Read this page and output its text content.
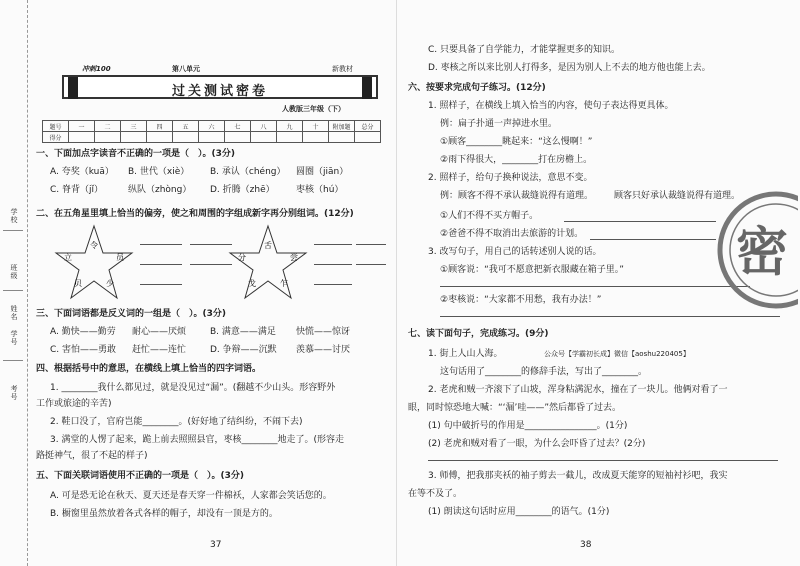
学校
班级
姓名
学号
考号
冲刺100	第八单元	新教材
过关测试密卷
人教版三年级（下）
题号	一	二	三	四	五	六	七	八	九	十	附加题	总分
得分												
一、下面加点字读音不正确的一项是（　）。(3分)
A. 夸奖（kuā） B. 世代（xiè） B. 承认（chéng） 圆圈（jiān）
C. 脊背（jǐ）	纵队（zhòng） D. 折腾（zhē） 枣核（hú）
二、在五角星里填上恰当的偏旁，使之和周围的字组成新字再分别组词。(12分)
令
立	员
贝	少
舌
分	尝
戈	乍
三、下面词语都是反义词的一组是（　）。(3分)
A. 勤快——勤劳 耐心——厌烦	B. 满意——满足 快慌——惊讶
C. 害怕——勇敢 赶忙——连忙	D. 争辩——沉默 羡慕——讨厌
四、根据括号中的意思，在横线上填上恰当的四字词语。
1. ________我什么都见过，就是没见过“漏”。(翻越不少山头。形容野外
工作或旅途的辛苦)
2. 鞋口没了，官府岂能________。(好好地了结纠纷，不闹下去)
3. 满堂的人愣了起来，跪上前去照照县官，枣核________地走了。(形容走
路挺神气，很了不起的样子)
五、下面关联词语使用不正确的一项是（　）。(3分)
A. 可是恐无论在秋天、夏天还是春天穿一件棉袄，人家都会笑话您的。
B. 橱窗里虽然放着各式各样的帽子，却没有一顶是方的。
37
C. 只要具备了自学能力，才能掌握更多的知识。
D. 枣核之所以来比别人打得多，是因为别人上不去的地方他也能上去。
六、按要求完成句子练习。(12分)
1. 照样子，在横线上填入恰当的内容，使句子表达得更具体。
例：扁子扑通一声掉进水里。
①顾客________眺起来：“这么慢啊！”
②雨下得很大，________打在房檐上。
2. 照样子，给句子换种说法，意思不变。
例：顾客不得不承认裁缝说得有道理。 顾客只好承认裁缝说得有道理。
①人们不得不买方帽子。
②爸爸不得不取消出去旅游的计划。
3. 改写句子，用自己的话转述别人说的话。
①顾客说：“我可不愿意把新衣服藏在箱子里。”
②枣核说：“大家都不用愁，我有办法！”
七、读下面句子，完成练习。(9分)
1. 街上人山人海。	公众号【学霸初长成】微信【aoshu220405】
这句话用了________的修辞手法，写出了________。
2. 老虎和贼一齐滚下了山坡，浑身粘满泥水，撞在了一块儿。他俩对看了一
眼，同时惊恐地大喊：“‘漏’哇——”然后都昏了过去。
(1) 句中破折号的作用是________________。(1分)
(2) 老虎和贼对看了一眼，为什么会吓昏了过去？(2分)
3. 师傅，把我那夹袄的袖子剪去一截儿，改成夏天能穿的短袖衬衫吧，我实
在等不及了。
(1) 朗读这句话时应用________的语气。(1分)
38
密
